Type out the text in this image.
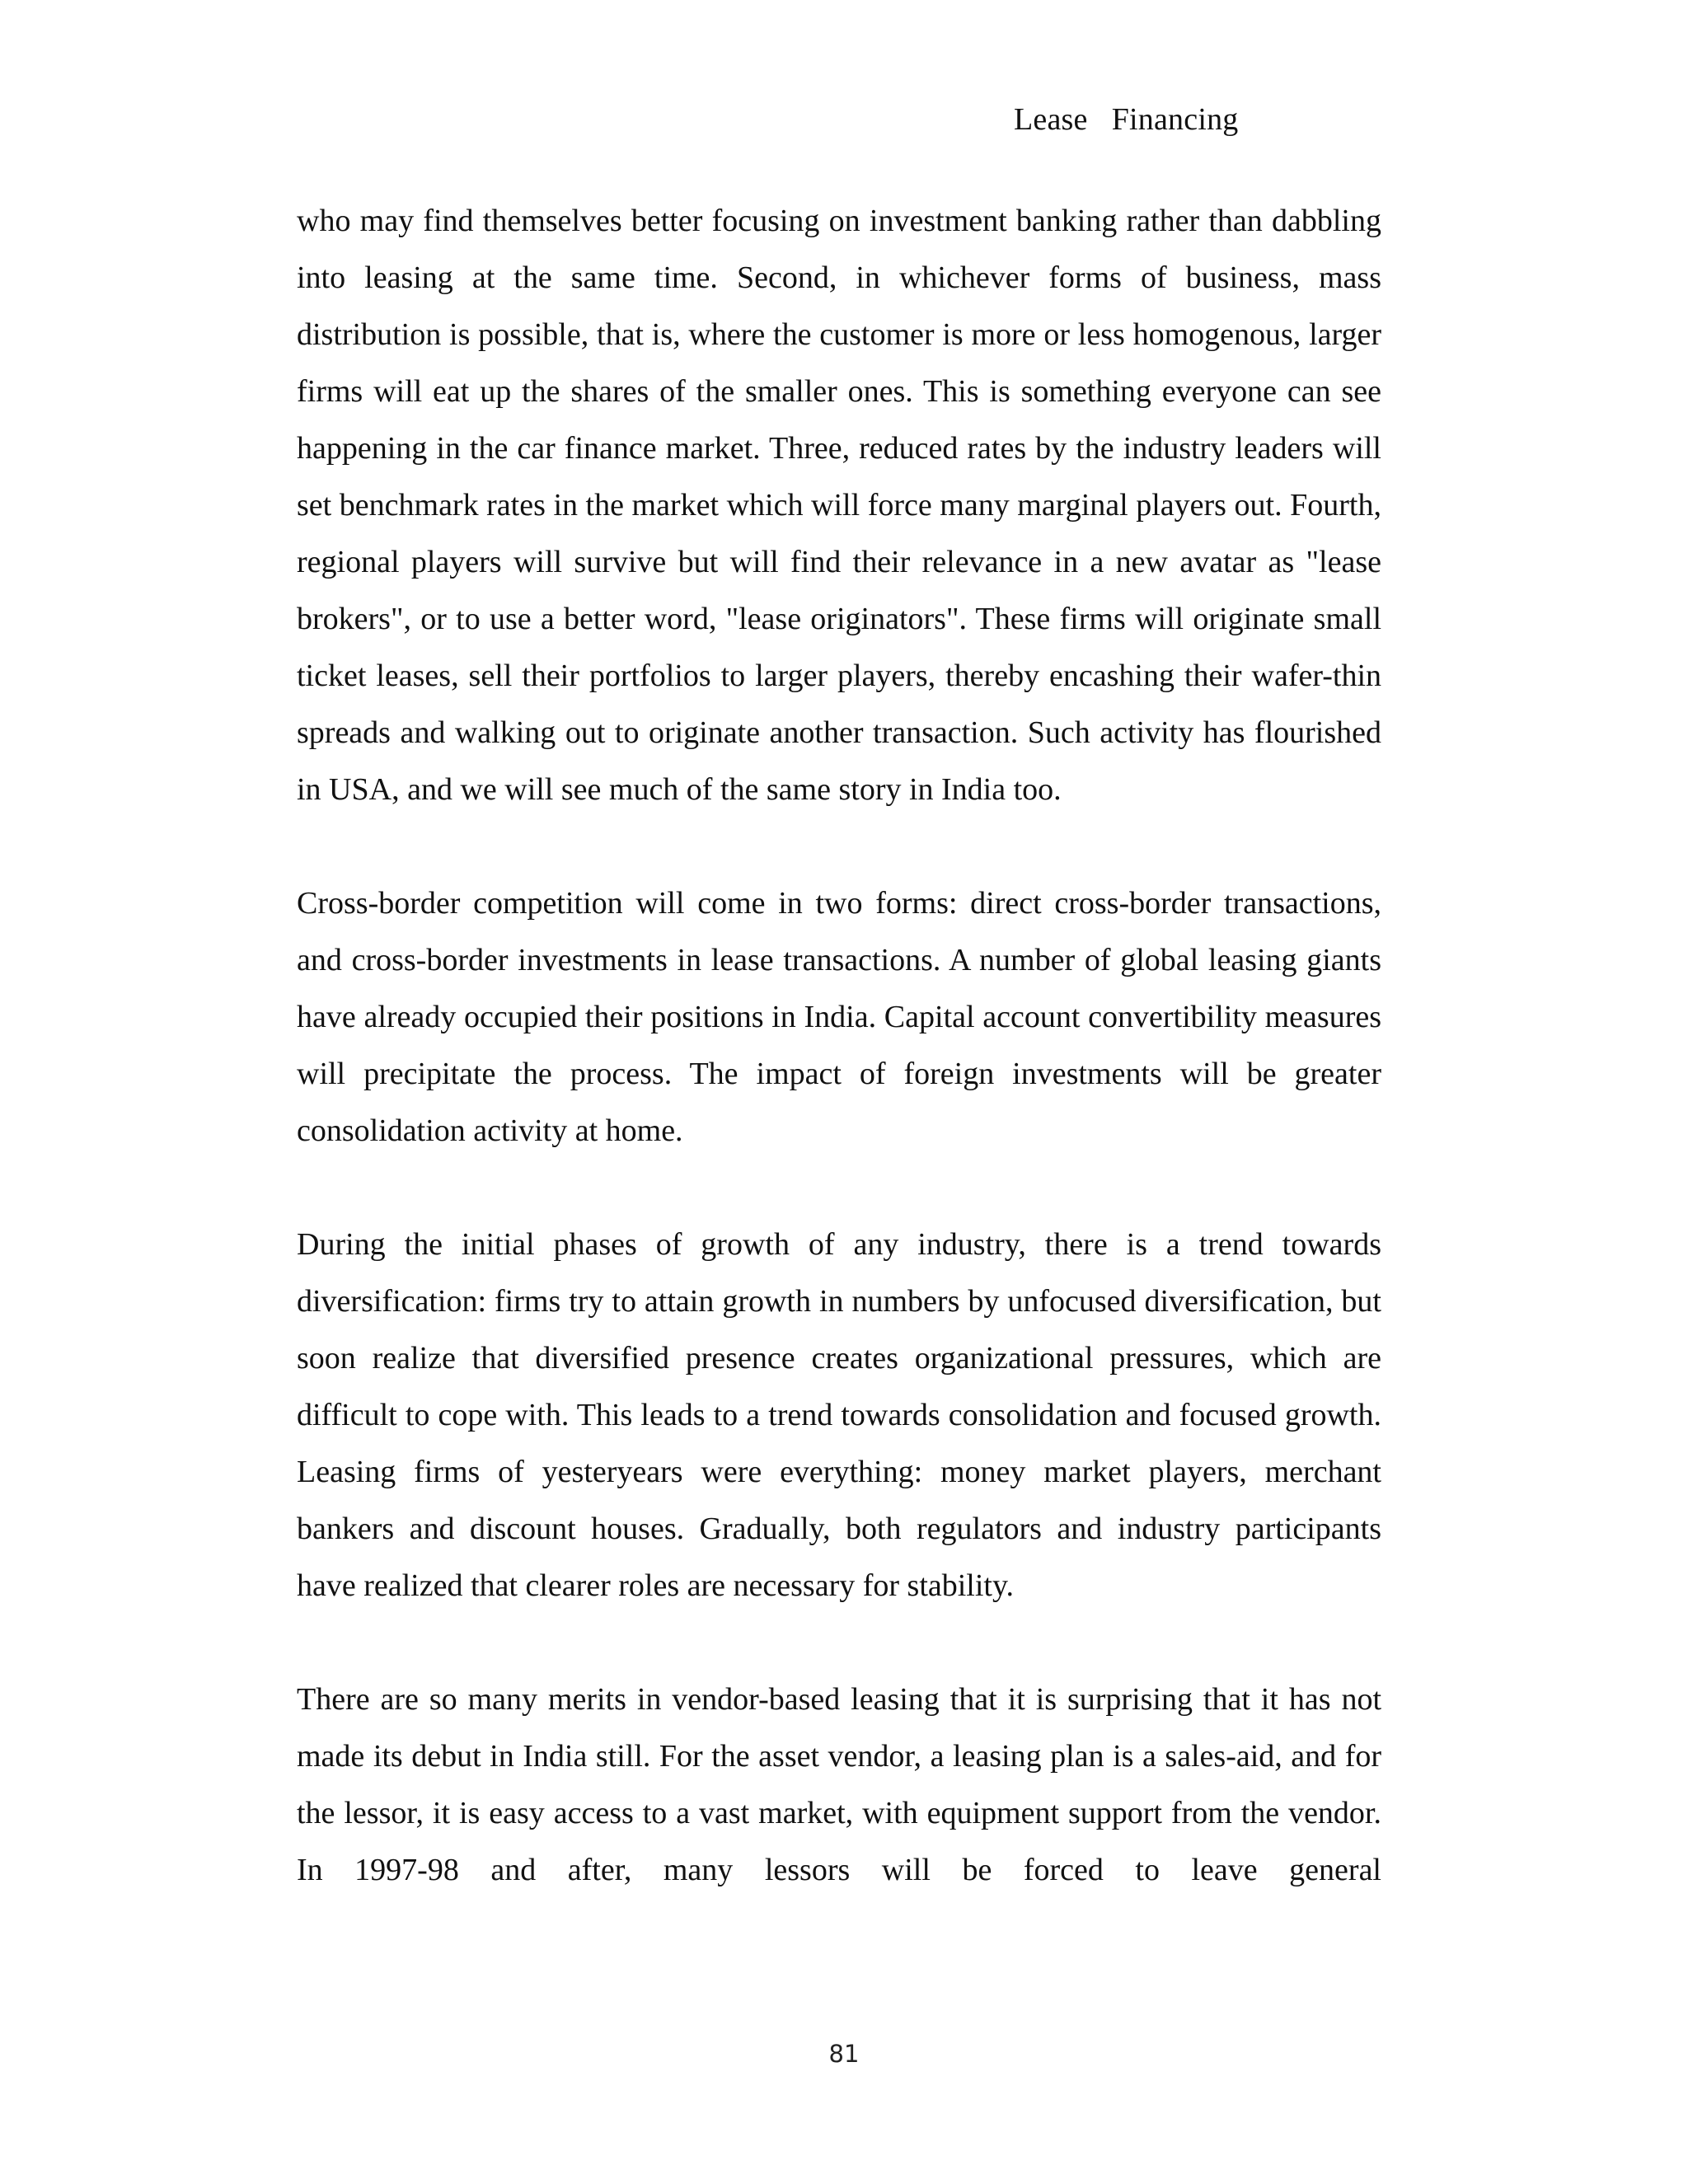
Lease   Financing

who may find themselves better focusing on investment banking rather than dabbling into leasing at the same time. Second, in whichever forms of business, mass distribution is possible, that is, where the customer is more or less homogenous, larger firms will eat up the shares of the smaller ones. This is something everyone can see happening in the car finance market. Three, reduced rates by the industry leaders will set benchmark rates in the market which will force many marginal players out. Fourth, regional players will survive but will find their relevance in a new avatar as "lease brokers", or to use a better word, "lease originators". These firms will originate small ticket leases, sell their portfolios to larger players, thereby encashing their wafer-thin spreads and walking out to originate another transaction. Such activity has flourished in USA, and we will see much of the same story in India too.

Cross-border competition will come in two forms: direct cross-border transactions, and cross-border investments in lease transactions. A number of global leasing giants have already occupied their positions in India. Capital account convertibility measures will precipitate the process. The impact of foreign investments will be greater consolidation activity at home.

During the initial phases of growth of any industry, there is a trend towards diversification: firms try to attain growth in numbers by unfocused diversification, but soon realize that diversified presence creates organizational pressures, which are difficult to cope with. This leads to a trend towards consolidation and focused growth. Leasing firms of yesteryears were everything: money market players, merchant bankers and discount houses. Gradually, both regulators and industry participants have realized that clearer roles are necessary for stability.

There are so many merits in vendor-based leasing that it is surprising that it has not made its debut in India still. For the asset vendor, a leasing plan is a sales-aid, and for the lessor, it is easy access to a vast market, with equipment support from the vendor. In 1997-98 and after, many lessors will be forced to leave general

81
